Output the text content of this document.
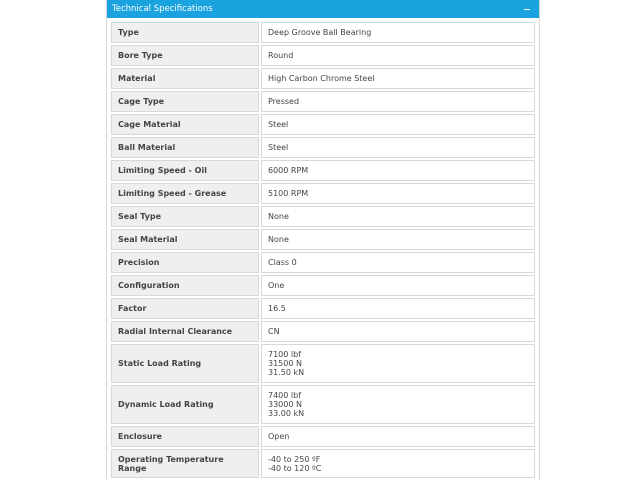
Technical Specifications
Type	Deep Groove Ball Bearing

Bore Type	Round

Material	High Carbon Chrome Steel

Cage Type	Pressed

Cage Material	Steel

Ball Material	Steel

Limiting Speed - Oil	6000 RPM

Limiting Speed - Grease	5100 RPM

Seal Type	None

Seal Material	None

Precision	Class 0

Configuration	One

Factor	16.5

Radial Internal Clearance	CN

Static Load Rating	7100 lbf
31500 N
31.50 kN

Dynamic Load Rating	7400 lbf
33000 N
33.00 kN

Enclosure	Open

Operating Temperature Range	-40 to 250 ºF
-40 to 120 ºC
